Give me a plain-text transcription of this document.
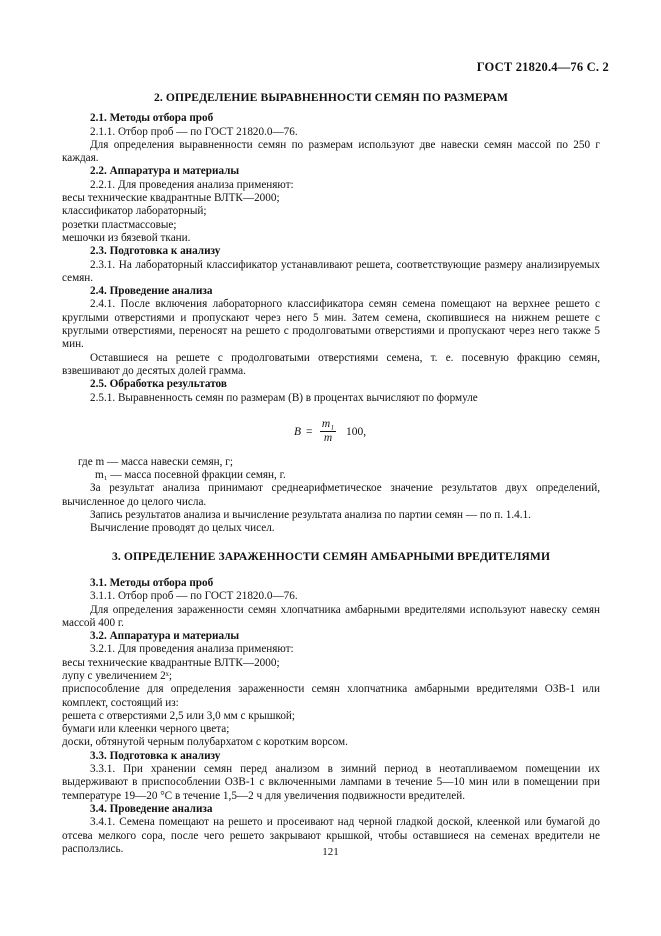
ГОСТ 21820.4—76 С. 2

2. ОПРЕДЕЛЕНИЕ ВЫРАВНЕННОСТИ СЕМЯН ПО РАЗМЕРАМ

2.1. Методы отбора проб

2.1.1. Отбор проб — по ГОСТ 21820.0—76.

Для определения выравненности семян по размерам используют две навески семян массой по 250 г каждая.

2.2. Аппаратура и материалы

2.2.1. Для проведения анализа применяют:

весы технические квадрантные ВЛТК—2000;

классификатор лабораторный;

розетки пластмассовые;

мешочки из бязевой ткани.

2.3. Подготовка к анализу

2.3.1. На лабораторный классификатор устанавливают решета, соответствующие размеру анализируемых семян.

2.4. Проведение анализа

2.4.1. После включения лабораторного классификатора семян семена помещают на верхнее решето с круглыми отверстиями и пропускают через него 5 мин. Затем семена, скопившиеся на нижнем решете с круглыми отверстиями, переносят на решето с продолговатыми отверстиями и пропускают через него также 5 мин.

Оставшиеся на решете с продолговатыми отверстиями семена, т. е. посевную фракцию семян, взвешивают до десятых долей грамма.

2.5. Обработка результатов

2.5.1. Выравненность семян по размерам (B) в процентах вычисляют по формуле

$B = \frac{\text{m₁}}{m} 100$,

где m — масса навески семян, г;

m₁ — масса посевной фракции семян, г.

За результат анализа принимают среднеарифметическое значение результатов двух определений, вычисленное до целого числа.

Запись результатов анализа и вычисление результата анализа по партии семян — по п. 1.4.1.

Вычисление проводят до целых чисел.

3. ОПРЕДЕЛЕНИЕ ЗАРАЖЕННОСТИ СЕМЯН АМБАРНЫМИ ВРЕДИТЕЛЯМИ

3.1. Методы отбора проб

3.1.1. Отбор проб — по ГОСТ 21820.0—76.

Для определения зараженности семян хлопчатника амбарными вредителями используют навеску семян массой 400 г.

3.2. Аппаратура и материалы

3.2.1. Для проведения анализа применяют:

весы технические квадрантные ВЛТК—2000;

лупу с увеличением 2ˣ;

приспособление для определения зараженности семян хлопчатника амбарными вредителями ОЗВ-1 или комплект, состоящий из:

решета с отверстиями 2,5 или 3,0 мм с крышкой;

бумаги или клеенки черного цвета;

доски, обтянутой черным полубархатом с коротким ворсом.

3.3. Подготовка к анализу

3.3.1. При хранении семян перед анализом в зимний период в неотапливаемом помещении их выдерживают в приспособлении ОЗВ-1 с включенными лампами в течение 5—10 мин или в помещении при температуре 19—20 °С в течение 1,5—2 ч для увеличения подвижности вредителей.

3.4. Проведение анализа

3.4.1. Семена помещают на решето и просеивают над черной гладкой доской, клеенкой или бумагой до отсева мелкого сора, после чего решето закрывают крышкой, чтобы оставшиеся на семенах вредители не расползлись.	121
